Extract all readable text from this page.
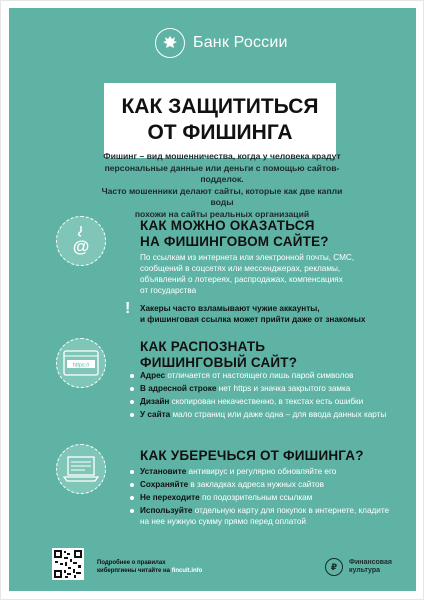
Банк России
КАК ЗАЩИТИТЬСЯ
ОТ ФИШИНГА
Фишинг – вид мошенничества, когда у человека крадут
персональные данные или деньги с помощью сайтов-подделок.
Часто мошенники делают сайты, которые как две капли воды
похожи на сайты реальных организаций
@
КАК МОЖНО ОКАЗАТЬСЯ
НА ФИШИНГОВОМ САЙТЕ?
По ссылкам из интернета или электронной почты, СМС,
сообщений в соцсетях или мессенджерах, рекламы,
объявлений о лотереях, распродажах, компенсациях
от государства
! Хакеры часто взламывают чужие аккаунты,
и фишинговая ссылка может прийти даже от знакомых
https://
КАК РАСПОЗНАТЬ
ФИШИНГОВЫЙ САЙТ?
Адрес отличается от настоящего лишь парой символов
В адресной строке нет https и значка закрытого замка
Дизайн скопирован некачественно, в текстах есть ошибки
У сайта мало страниц или даже одна – для ввода данных карты
КАК УБЕРЕЧЬСЯ ОТ ФИШИНГА?
Установите антивирус и регулярно обновляйте его
Сохраняйте в закладках адреса нужных сайтов
Не переходите по подозрительным ссылкам
Используйте отдельную карту для покупок в интернете, кладите на нее нужную сумму прямо перед оплатой
Подробнее о правилах
киберпгиены читайте на fincult.info	₽	Финансовая
культура
